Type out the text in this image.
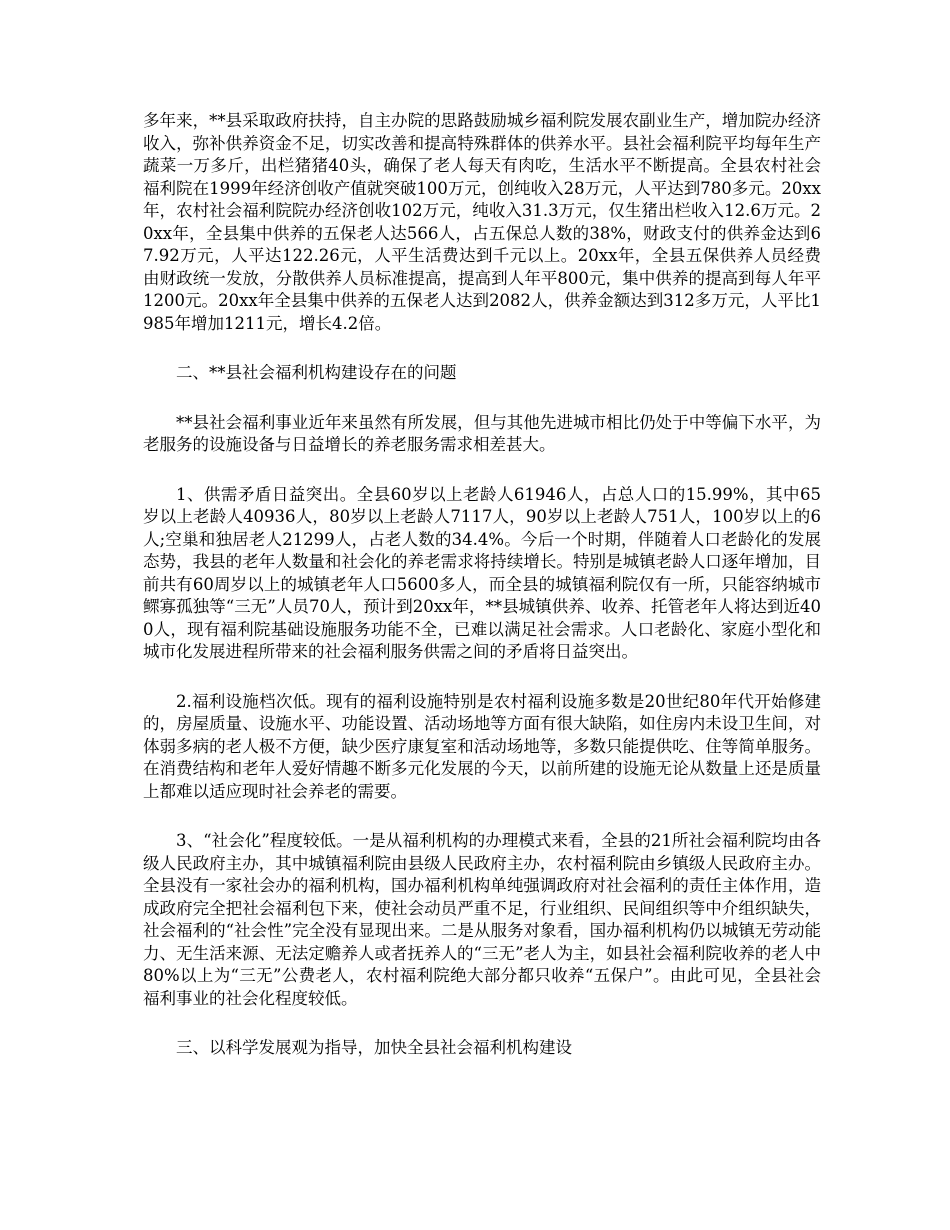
多年来，**县采取政府扶持，自主办院的思路鼓励城乡福利院发展农副业生产，增加院办经济收入，弥补供养资金不足，切实改善和提高特殊群体的供养水平。县社会福利院平均每年生产蔬菜一万多斤，出栏猪猪40头，确保了老人每天有肉吃，生活水平不断提高。全县农村社会福利院在1999年经济创收产值就突破100万元，创纯收入28万元，人平达到780多元。20xx年，农村社会福利院院办经济创收102万元，纯收入31.3万元，仅生猪出栏收入12.6万元。20xx年，全县集中供养的五保老人达566人，占五保总人数的38%，财政支付的供养金达到67.92万元，人平达122.26元，人平生活费达到千元以上。20xx年，全县五保供养人员经费由财政统一发放，分散供养人员标准提高，提高到人年平800元，集中供养的提高到每人年平1200元。20xx年全县集中供养的五保老人达到2082人，供养金额达到312多万元，人平比1985年增加1211元，增长4.2倍。

二、**县社会福利机构建设存在的问题

**县社会福利事业近年来虽然有所发展，但与其他先进城市相比仍处于中等偏下水平，为老服务的设施设备与日益增长的养老服务需求相差甚大。

1、供需矛盾日益突出。全县60岁以上老龄人61946人，占总人口的15.99%，其中65岁以上老龄人40936人，80岁以上老龄人7117人，90岁以上老龄人751人，100岁以上的6人;空巢和独居老人21299人，占老人数的34.4%。今后一个时期，伴随着人口老龄化的发展态势，我县的老年人数量和社会化的养老需求将持续增长。特别是城镇老龄人口逐年增加，目前共有60周岁以上的城镇老年人口5600多人，而全县的城镇福利院仅有一所，只能容纳城市鳏寡孤独等“三无”人员70人，预计到20xx年，**县城镇供养、收养、托管老年人将达到近400人，现有福利院基础设施服务功能不全，已难以满足社会需求。人口老龄化、家庭小型化和城市化发展进程所带来的社会福利服务供需之间的矛盾将日益突出。

2.福利设施档次低。现有的福利设施特别是农村福利设施多数是20世纪80年代开始修建的，房屋质量、设施水平、功能设置、活动场地等方面有很大缺陷，如住房内未设卫生间，对体弱多病的老人极不方便，缺少医疗康复室和活动场地等，多数只能提供吃、住等简单服务。在消费结构和老年人爱好情趣不断多元化发展的今天，以前所建的设施无论从数量上还是质量上都难以适应现时社会养老的需要。

3、“社会化”程度较低。一是从福利机构的办理模式来看，全县的21所社会福利院均由各级人民政府主办，其中城镇福利院由县级人民政府主办，农村福利院由乡镇级人民政府主办。全县没有一家社会办的福利机构，国办福利机构单纯强调政府对社会福利的责任主体作用，造成政府完全把社会福利包下来，使社会动员严重不足，行业组织、民间组织等中介组织缺失，社会福利的“社会性”完全没有显现出来。二是从服务对象看，国办福利机构仍以城镇无劳动能力、无生活来源、无法定赡养人或者抚养人的“三无”老人为主，如县社会福利院收养的老人中80%以上为“三无”公费老人，农村福利院绝大部分都只收养“五保户”。由此可见，全县社会福利事业的社会化程度较低。

三、以科学发展观为指导，加快全县社会福利机构建设
